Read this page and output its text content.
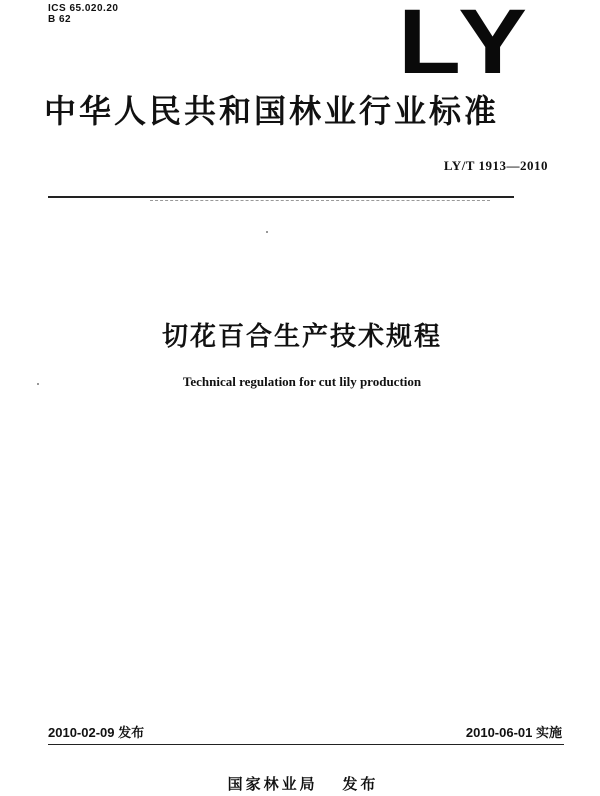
ICS 65.020.20
B 62	LY
中华人民共和国林业行业标准
LY/T 1913—2010
切花百合生产技术规程
Technical regulation for cut lily production
2010-02-09 发布	2010-06-01 实施
国家林业局   发布
